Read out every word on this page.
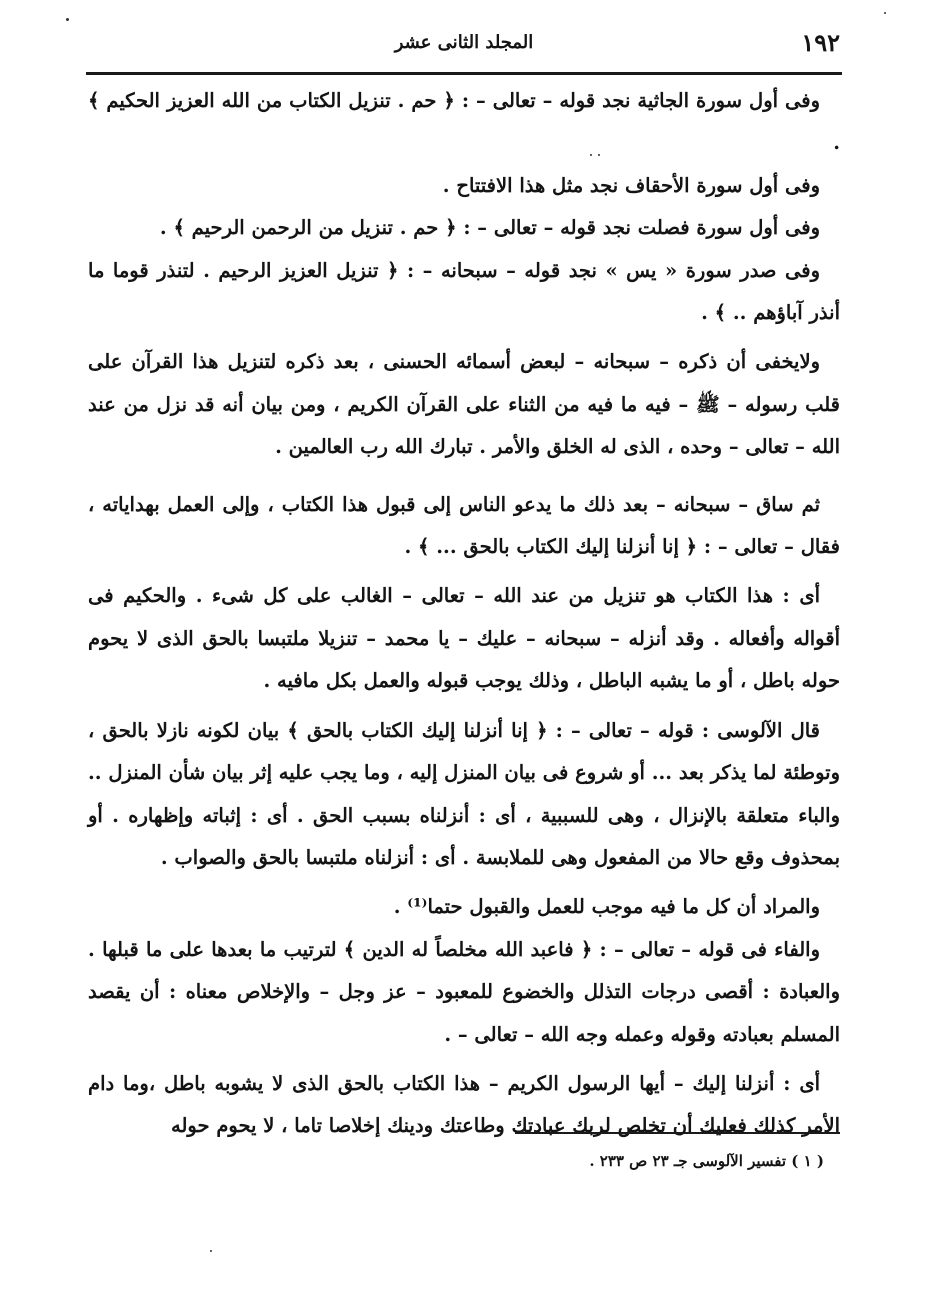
١٩٢
المجلد الثانى عشر

وفى أول سورة الجاثية نجد قوله – تعالى – : ﴿ حم . تنزيل الكتاب من الله العزيز الحكيم ﴾ .

وفى أول سورة الأحقاف نجد مثل هذا الافتتاح .

وفى أول سورة فصلت نجد قوله – تعالى – : ﴿ حم . تنزيل من الرحمن الرحيم ﴾ .

وفى صدر سورة « يس » نجد قوله – سبحانه – : ﴿ تنزيل العزيز الرحيم . لتنذر قوما ما أنذر آباؤهم .. ﴾ .

ولايخفى أن ذكره – سبحانه – لبعض أسمائه الحسنى ، بعد ذكره لتنزيل هذا القرآن على قلب رسوله – ﷺ – فيه ما فيه من الثناء على القرآن الكريم ، ومن بيان أنه قد نزل من عند الله – تعالى – وحده ، الذى له الخلق والأمر . تبارك الله رب العالمين .

ثم ساق – سبحانه – بعد ذلك ما يدعو الناس إلى قبول هذا الكتاب ، وإلى العمل بهداياته ، فقال – تعالى – : ﴿ إنا أنزلنا إليك الكتاب بالحق ... ﴾ .

أى : هذا الكتاب هو تنزيل من عند الله – تعالى – الغالب على كل شىء . والحكيم فى أقواله وأفعاله . وقد أنزله – سبحانه – عليك – يا محمد – تنزيلا ملتبسا بالحق الذى لا يحوم حوله باطل ، أو ما يشبه الباطل ، وذلك يوجب قبوله والعمل بكل مافيه .

قال الآلوسى : قوله – تعالى – : ﴿ إنا أنزلنا إليك الكتاب بالحق ﴾ بيان لكونه نازلا بالحق ، وتوطئة لما يذكر بعد ... أو شروع فى بيان المنزل إليه ، وما يجب عليه إثر بيان شأن المنزل .. والباء متعلقة بالإنزال ، وهى للسببية ، أى : أنزلناه بسبب الحق . أى : إثباته وإظهاره . أو بمحذوف وقع حالا من المفعول وهى للملابسة . أى : أنزلناه ملتبسا بالحق والصواب .

والمراد أن كل ما فيه موجب للعمل والقبول حتما⁽¹⁾ .

والفاء فى قوله – تعالى – : ﴿ فاعبد الله مخلصاً له الدين ﴾ لترتيب ما بعدها على ما قبلها . والعبادة : أقصى درجات التذلل والخضوع للمعبود – عز وجل – والإخلاص معناه : أن يقصد المسلم بعبادته وقوله وعمله وجه الله – تعالى – .

أى : أنزلنا إليك – أيها الرسول الكريم – هذا الكتاب بالحق الذى لا يشوبه باطل ،وما دام الأمر كذلك فعليك أن تخلص لربك عبادتك وطاعتك ودينك إخلاصا تاما ، لا يحوم حوله

( ١ ) تفسير الآلوسى جـ ٢٣ ص ٢٣٣ .
